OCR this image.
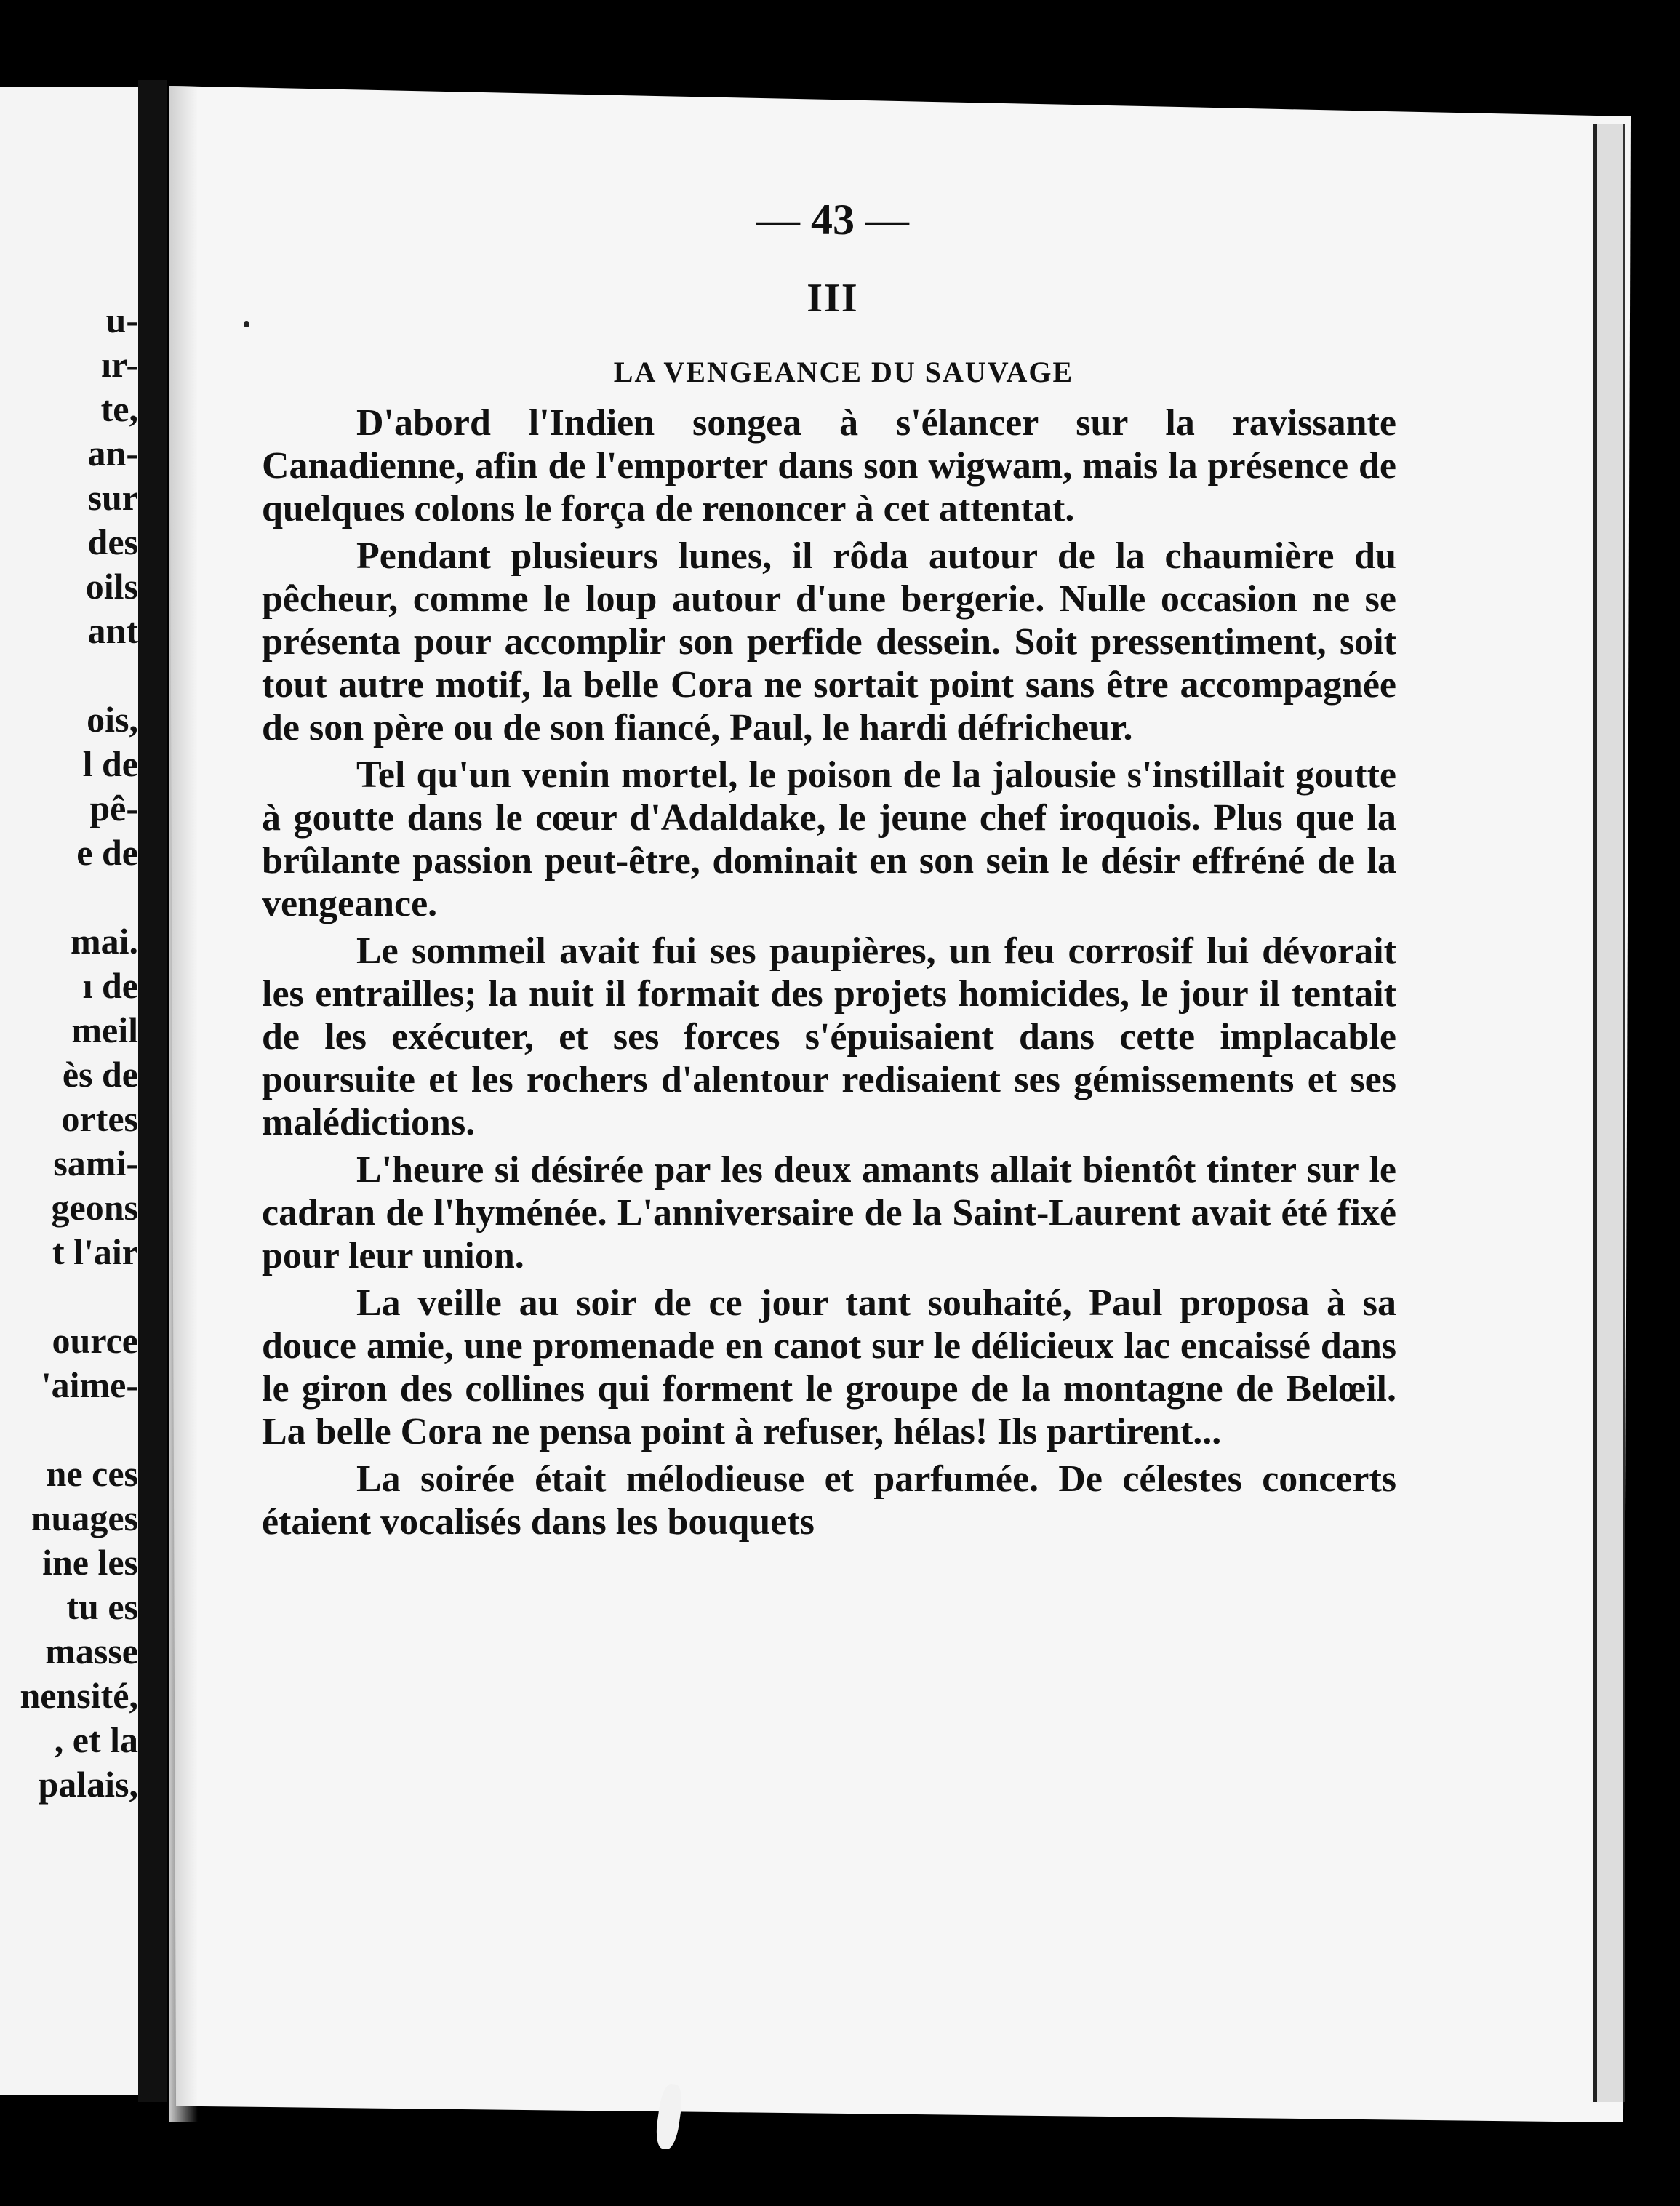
u-
ır-
te,
an-
sur
des
oils
ant

ois,
l de
pê-
e de

mai.
ı de
meil
ès de
ortes
sami-
geons
t l'air

ource
'aime-

ne ces
nuages
ine les
tu es
masse
nensité,
, et la
palais,
— 43 —
III
LA VENGEANCE DU SAUVAGE

D'abord l'Indien songea à s'élancer sur la ravissante Canadienne, afin de l'emporter dans son wigwam, mais la présence de quelques colons le força de renoncer à cet attentat.

Pendant plusieurs lunes, il rôda autour de la chaumière du pêcheur, comme le loup autour d'une bergerie. Nulle occasion ne se présenta pour accomplir son perfide dessein. Soit pressentiment, soit tout autre motif, la belle Cora ne sortait point sans être accompagnée de son père ou de son fiancé, Paul, le hardi défricheur.

Tel qu'un venin mortel, le poison de la jalousie s'instillait goutte à goutte dans le cœur d'Adaldake, le jeune chef iroquois. Plus que la brûlante passion peut-être, dominait en son sein le désir effréné de la vengeance.

Le sommeil avait fui ses paupières, un feu corrosif lui dévorait les entrailles; la nuit il formait des projets homicides, le jour il tentait de les exécuter, et ses forces s'épuisaient dans cette implacable poursuite et les rochers d'alentour redisaient ses gémissements et ses malédictions.

L'heure si désirée par les deux amants allait bientôt tinter sur le cadran de l'hyménée. L'anniversaire de la Saint-Laurent avait été fixé pour leur union.

La veille au soir de ce jour tant souhaité, Paul proposa à sa douce amie, une promenade en canot sur le délicieux lac encaissé dans le giron des collines qui forment le groupe de la montagne de Belœil. La belle Cora ne pensa point à refuser, hélas! Ils partirent...

La soirée était mélodieuse et parfumée. De célestes concerts étaient vocalisés dans les bouquets
